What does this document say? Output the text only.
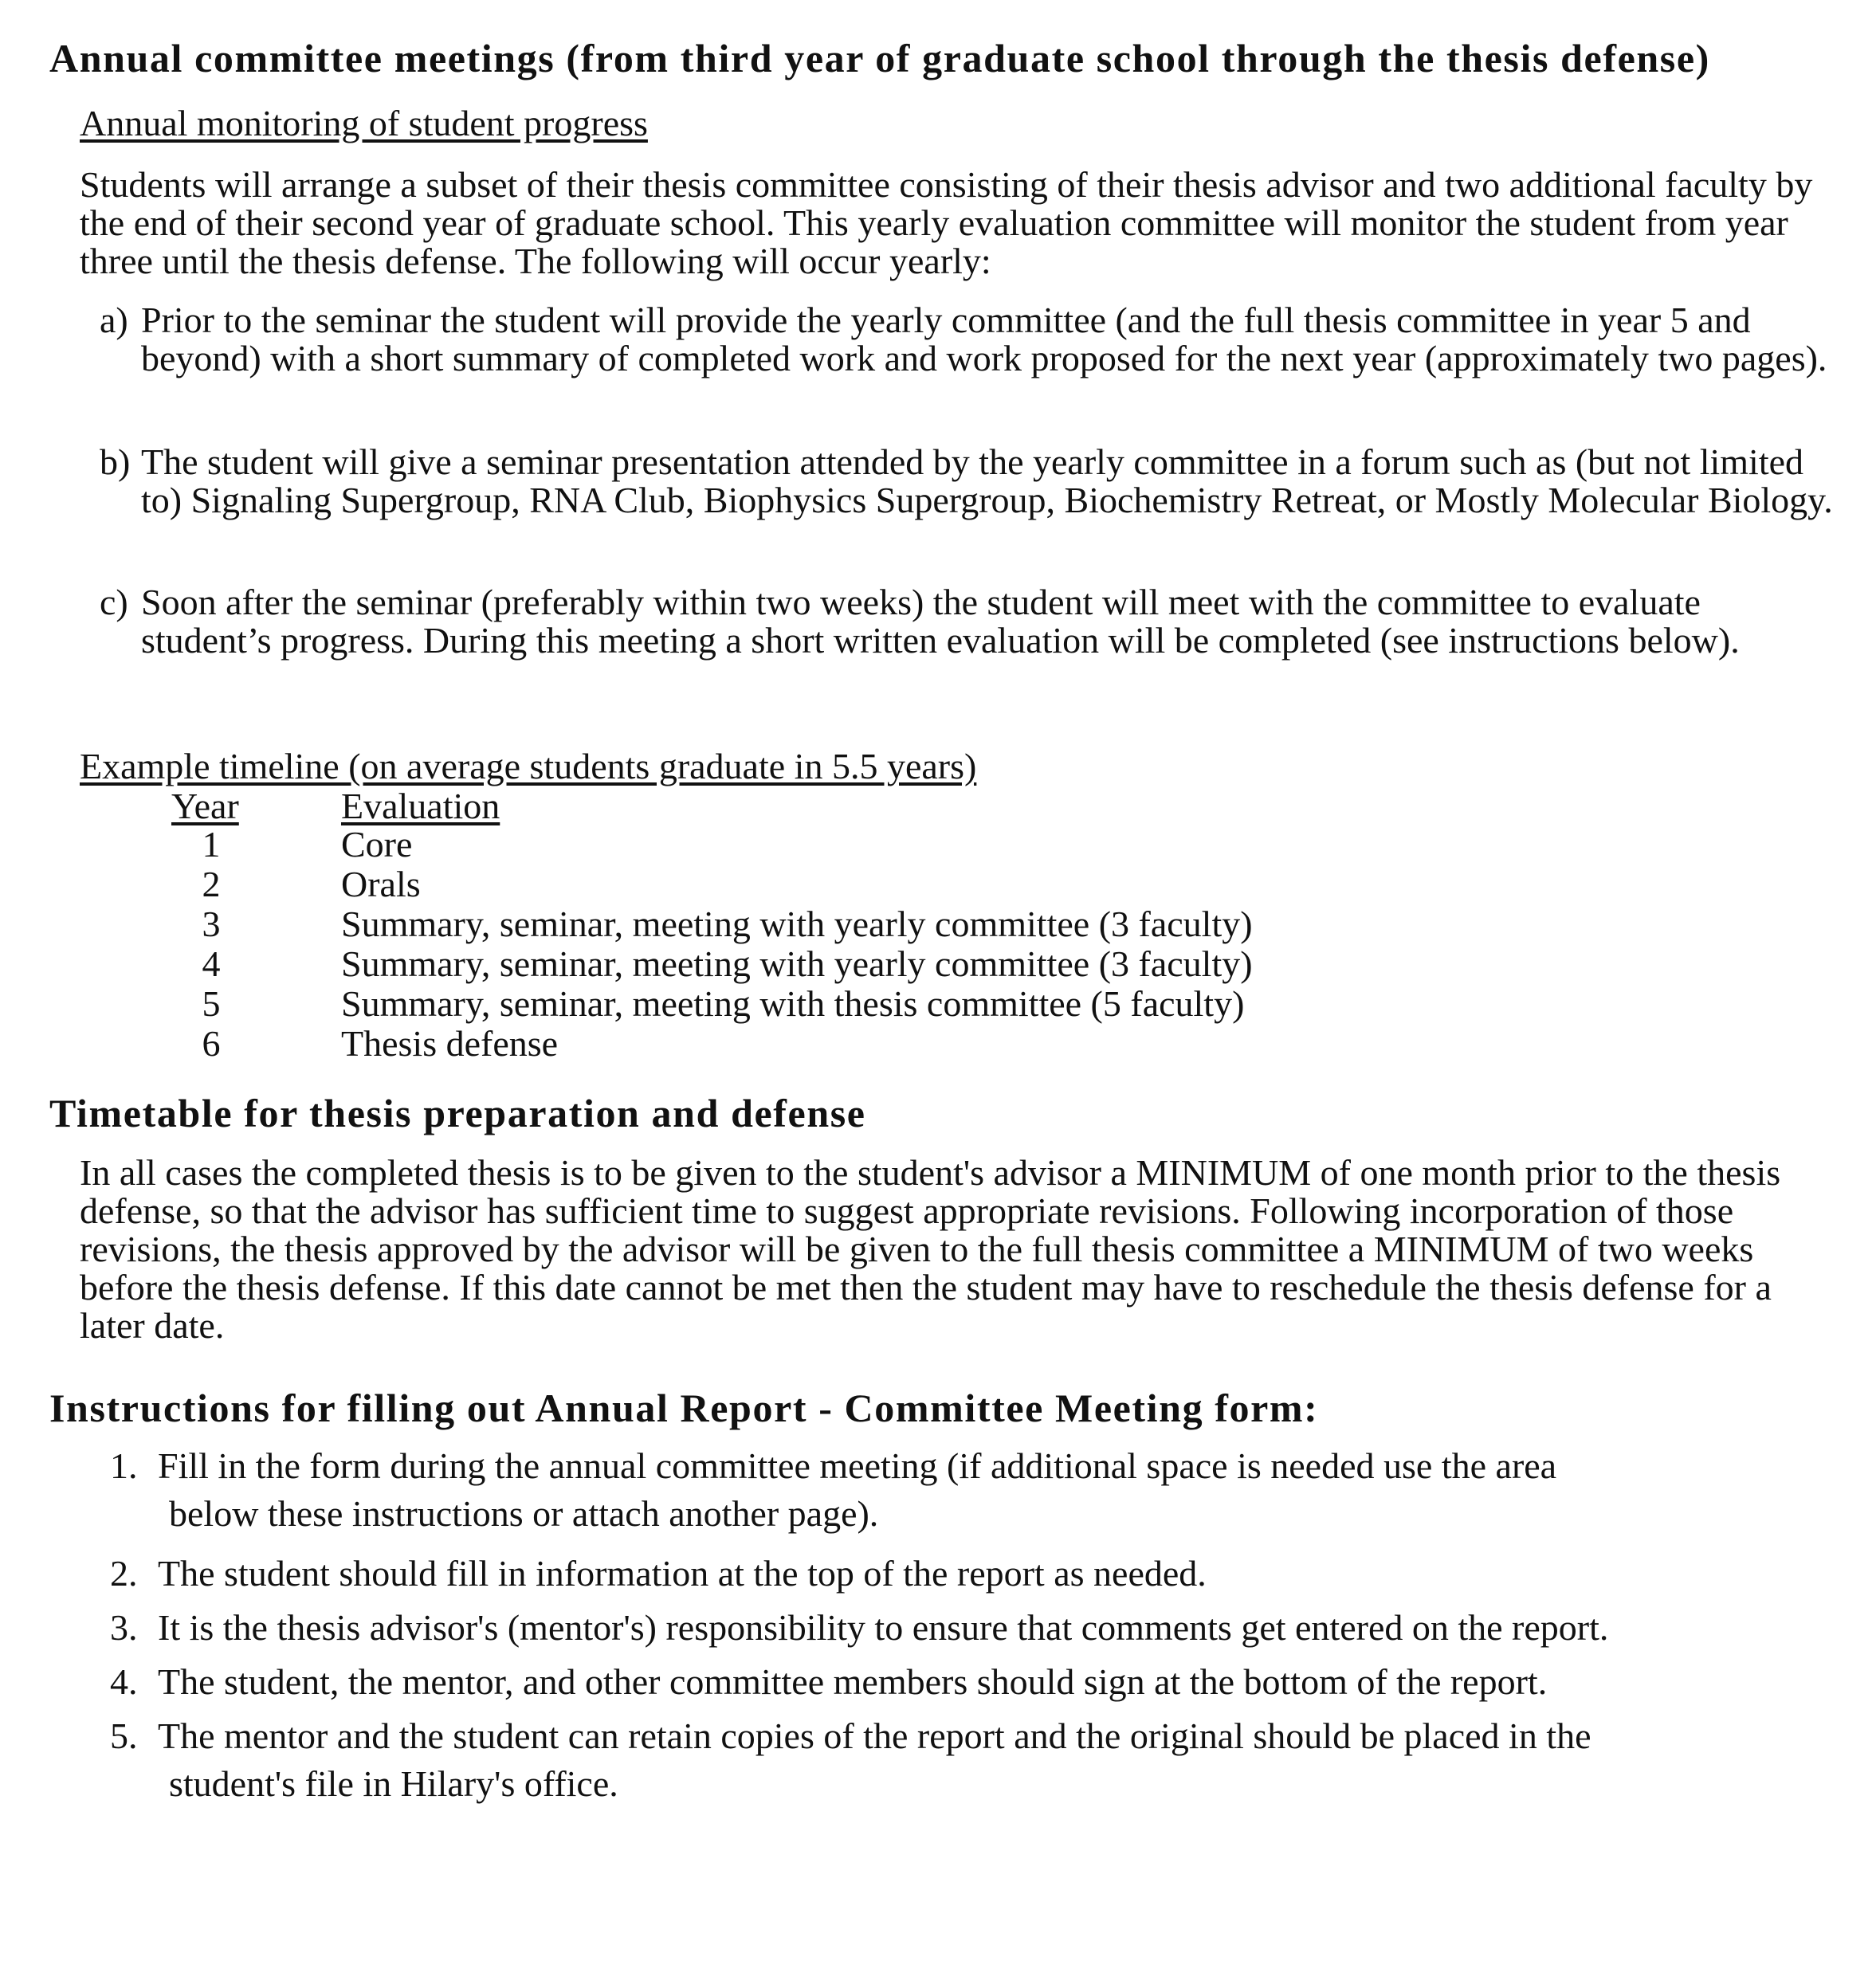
Annual committee meetings (from third year of graduate school through the thesis defense)
Annual monitoring of student progress
Students will arrange a subset of their thesis committee consisting of their thesis advisor and two additional faculty by the end of their second year of graduate school. This yearly evaluation committee will monitor the student from year three until the thesis defense. The following will occur yearly:
a) Prior to the seminar the student will provide the yearly committee (and the full thesis committee in year 5 and beyond) with a short summary of completed work and work proposed for the next year (approximately two pages).
b) The student will give a seminar presentation attended by the yearly committee in a forum such as (but not limited to) Signaling Supergroup, RNA Club, Biophysics Supergroup, Biochemistry Retreat, or Mostly Molecular Biology.
c) Soon after the seminar (preferably within two weeks) the student will meet with the committee to evaluate student’s progress. During this meeting a short written evaluation will be completed (see instructions below).
Example timeline (on average students graduate in 5.5 years)
Year	Evaluation
1	Core
2	Orals
3	Summary, seminar, meeting with yearly committee (3 faculty)
4	Summary, seminar, meeting with yearly committee (3 faculty)
5	Summary, seminar, meeting with thesis committee (5 faculty)
6	Thesis defense
Timetable for thesis preparation and defense
In all cases the completed thesis is to be given to the student's advisor a MINIMUM of one month prior to the thesis defense, so that the advisor has sufficient time to suggest appropriate revisions. Following incorporation of those revisions, the thesis approved by the advisor will be given to the full thesis committee a MINIMUM of two weeks before the thesis defense. If this date cannot be met then the student may have to reschedule the thesis defense for a later date.
Instructions for filling out Annual Report - Committee Meeting form:
1. Fill in the form during the annual committee meeting (if additional space is needed use the area
below these instructions or attach another page).
2. The student should fill in information at the top of the report as needed.
3. It is the thesis advisor's (mentor's) responsibility to ensure that comments get entered on the report.
4. The student, the mentor, and other committee members should sign at the bottom of the report.
5. The mentor and the student can retain copies of the report and the original should be placed in the
student's file in Hilary's office.
